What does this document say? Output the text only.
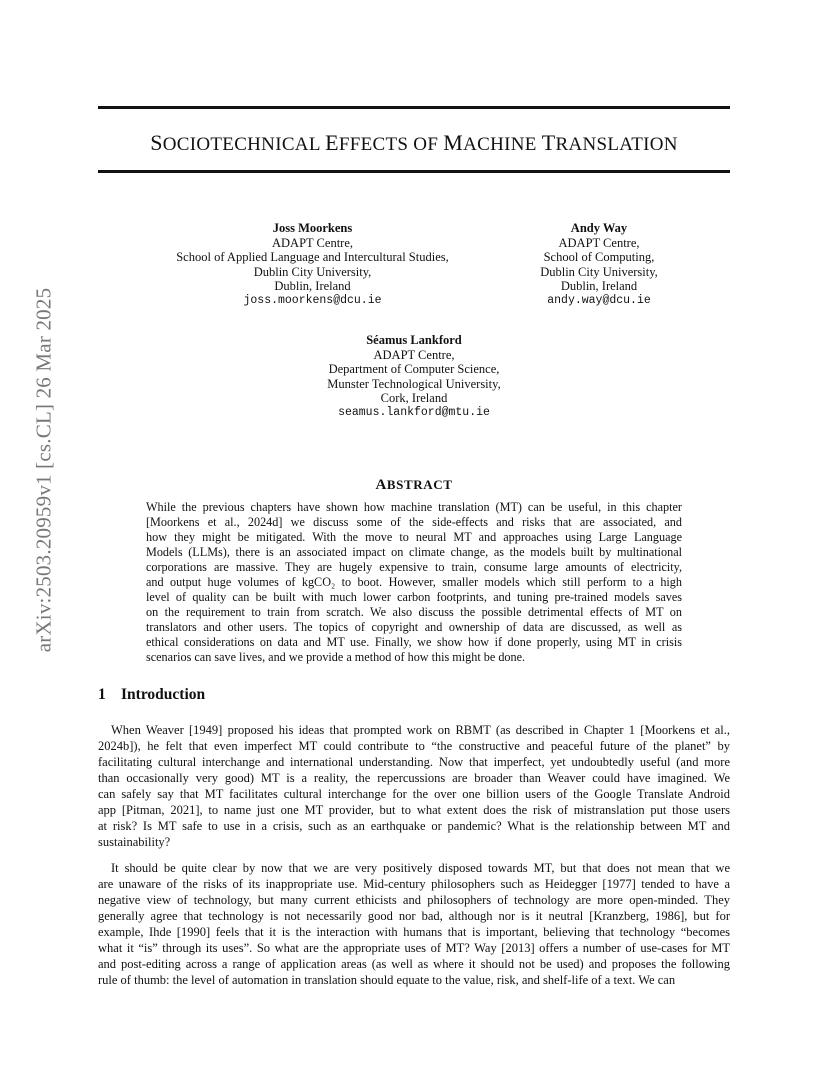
arXiv:2503.20959v1 [cs.CL] 26 Mar 2025
SOCIOTECHNICAL EFFECTS OF MACHINE TRANSLATION
Joss Moorkens
ADAPT Centre,
School of Applied Language and Intercultural Studies,
Dublin City University,
Dublin, Ireland
joss.moorkens@dcu.ie
Andy Way
ADAPT Centre,
School of Computing,
Dublin City University,
Dublin, Ireland
andy.way@dcu.ie
Séamus Lankford
ADAPT Centre,
Department of Computer Science,
Munster Technological University,
Cork, Ireland
seamus.lankford@mtu.ie
ABSTRACT
While the previous chapters have shown how machine translation (MT) can be useful, in this chapter
[Moorkens et al., 2024d] we discuss some of the side-effects and risks that are associated, and
how they might be mitigated. With the move to neural MT and approaches using Large Language
Models (LLMs), there is an associated impact on climate change, as the models built by multinational
corporations are massive. They are hugely expensive to train, consume large amounts of electricity,
and output huge volumes of kgCO₂ to boot. However, smaller models which still perform to a high
level of quality can be built with much lower carbon footprints, and tuning pre-trained models saves
on the requirement to train from scratch. We also discuss the possible detrimental effects of MT on
translators and other users. The topics of copyright and ownership of data are discussed, as well as
ethical considerations on data and MT use. Finally, we show how if done properly, using MT in crisis
scenarios can save lives, and we provide a method of how this might be done.
1 Introduction
When Weaver [1949] proposed his ideas that prompted work on RBMT (as described in Chapter 1 [Moorkens et al.,
2024b]), he felt that even imperfect MT could contribute to “the constructive and peaceful future of the planet” by
facilitating cultural interchange and international understanding. Now that imperfect, yet undoubtedly useful (and more
than occasionally very good) MT is a reality, the repercussions are broader than Weaver could have imagined. We
can safely say that MT facilitates cultural interchange for the over one billion users of the Google Translate Android
app [Pitman, 2021], to name just one MT provider, but to what extent does the risk of mistranslation put those users
at risk? Is MT safe to use in a crisis, such as an earthquake or pandemic? What is the relationship between MT and
sustainability?
It should be quite clear by now that we are very positively disposed towards MT, but that does not mean that we
are unaware of the risks of its inappropriate use. Mid-century philosophers such as Heidegger [1977] tended to have a
negative view of technology, but many current ethicists and philosophers of technology are more open-minded. They
generally agree that technology is not necessarily good nor bad, although nor is it neutral [Kranzberg, 1986], but for
example, Ihde [1990] feels that it is the interaction with humans that is important, believing that technology “becomes
what it “is” through its uses”. So what are the appropriate uses of MT? Way [2013] offers a number of use-cases for MT
and post-editing across a range of application areas (as well as where it should not be used) and proposes the following
rule of thumb: the level of automation in translation should equate to the value, risk, and shelf-life of a text. We can
